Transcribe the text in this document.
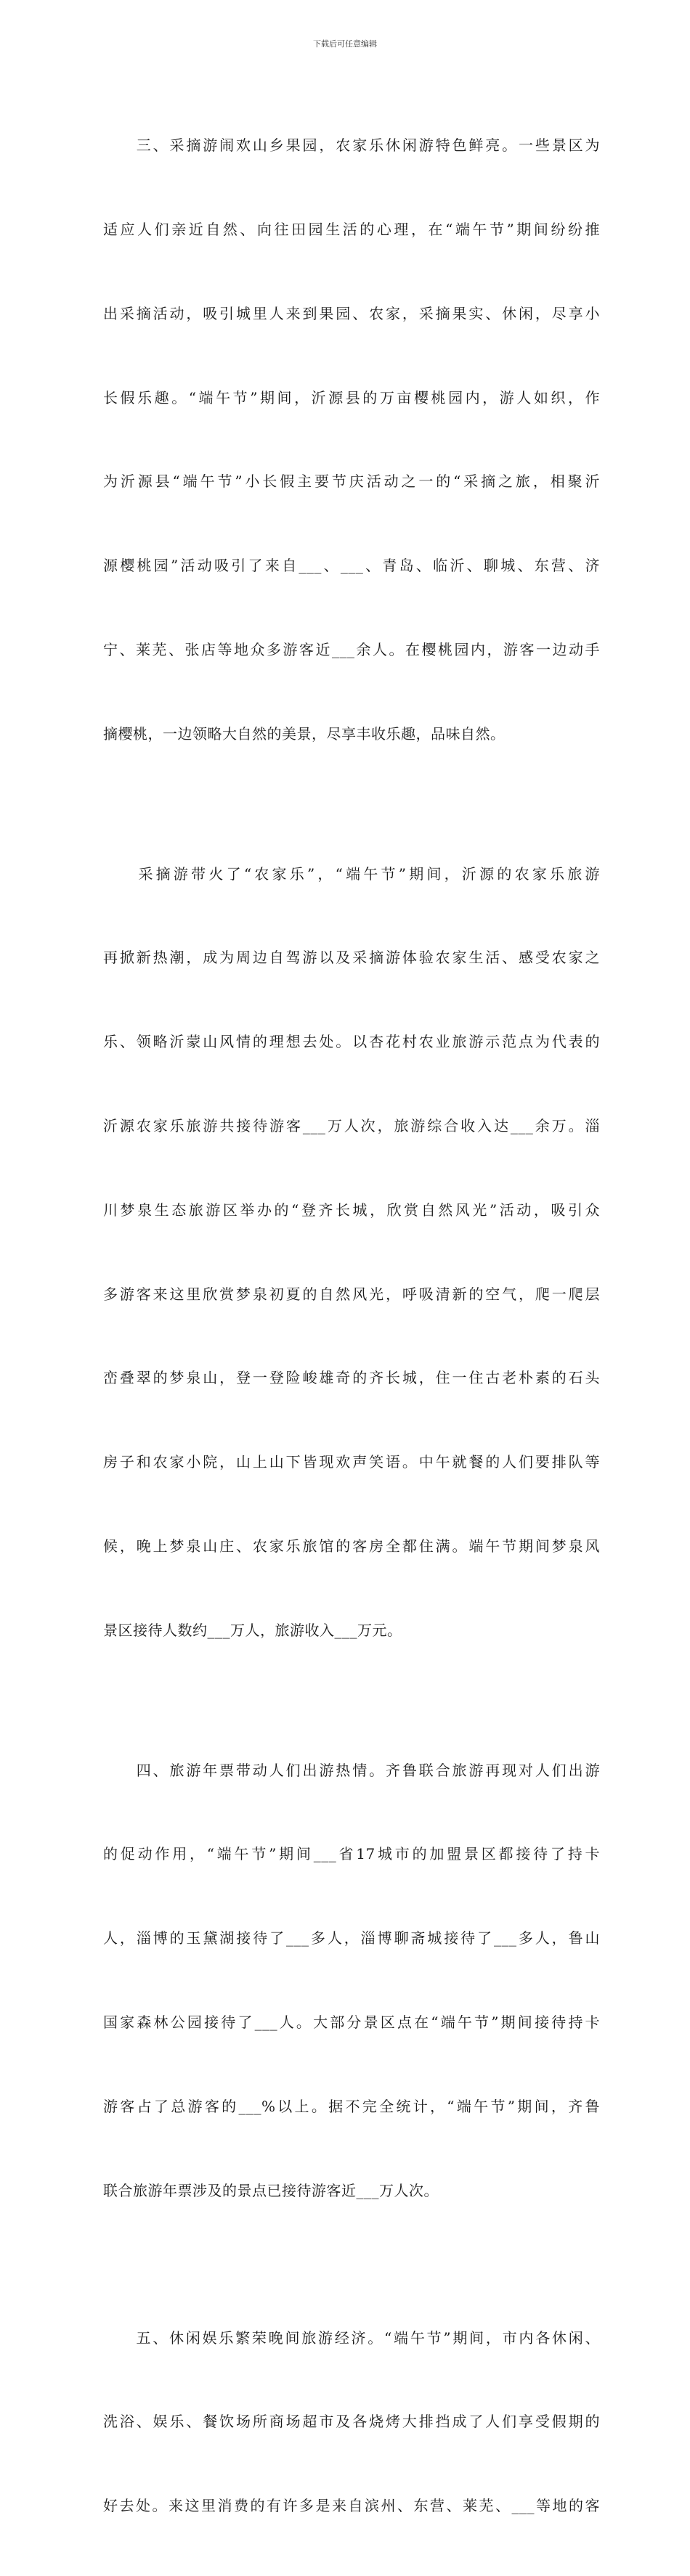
下载后可任意编辑

　　三、采摘游闹欢山乡果园，农家乐休闲游特色鲜亮。一些景区为

适应人们亲近自然、向往田园生活的心理，在“端午节”期间纷纷推

出采摘活动，吸引城里人来到果园、农家，采摘果实、休闲，尽享小

长假乐趣。“端午节”期间，沂源县的万亩樱桃园内，游人如织，作

为沂源县“端午节”小长假主要节庆活动之一的“采摘之旅，相聚沂

源樱桃园”活动吸引了来自___、___、青岛、临沂、聊城、东营、济

宁、莱芜、张店等地众多游客近___余人。在樱桃园内，游客一边动手

摘樱桃，一边领略大自然的美景，尽享丰收乐趣，品味自然。

　　采摘游带火了“农家乐”，“端午节”期间，沂源的农家乐旅游

再掀新热潮，成为周边自驾游以及采摘游体验农家生活、感受农家之

乐、领略沂蒙山风情的理想去处。以杏花村农业旅游示范点为代表的

沂源农家乐旅游共接待游客___万人次，旅游综合收入达___余万。淄

川梦泉生态旅游区举办的“登齐长城，欣赏自然风光”活动，吸引众

多游客来这里欣赏梦泉初夏的自然风光，呼吸清新的空气，爬一爬层

峦叠翠的梦泉山，登一登险峻雄奇的齐长城，住一住古老朴素的石头

房子和农家小院，山上山下皆现欢声笑语。中午就餐的人们要排队等

候，晚上梦泉山庄、农家乐旅馆的客房全都住满。端午节期间梦泉风

景区接待人数约___万人，旅游收入___万元。

　　四、旅游年票带动人们出游热情。齐鲁联合旅游再现对人们出游

的促动作用，“端午节”期间___省17城市的加盟景区都接待了持卡

人，淄博的玉黛湖接待了___多人，淄博聊斋城接待了___多人，鲁山

国家森林公园接待了___人。大部分景区点在“端午节”期间接待持卡

游客占了总游客的___%以上。据不完全统计，“端午节”期间，齐鲁

联合旅游年票涉及的景点已接待游客近___万人次。

　　五、休闲娱乐繁荣晚间旅游经济。“端午节”期间，市内各休闲、

洗浴、娱乐、餐饮场所商场超市及各烧烤大排挡成了人们享受假期的

好去处。来这里消费的有许多是来自滨州、东营、莱芜、___等地的客
